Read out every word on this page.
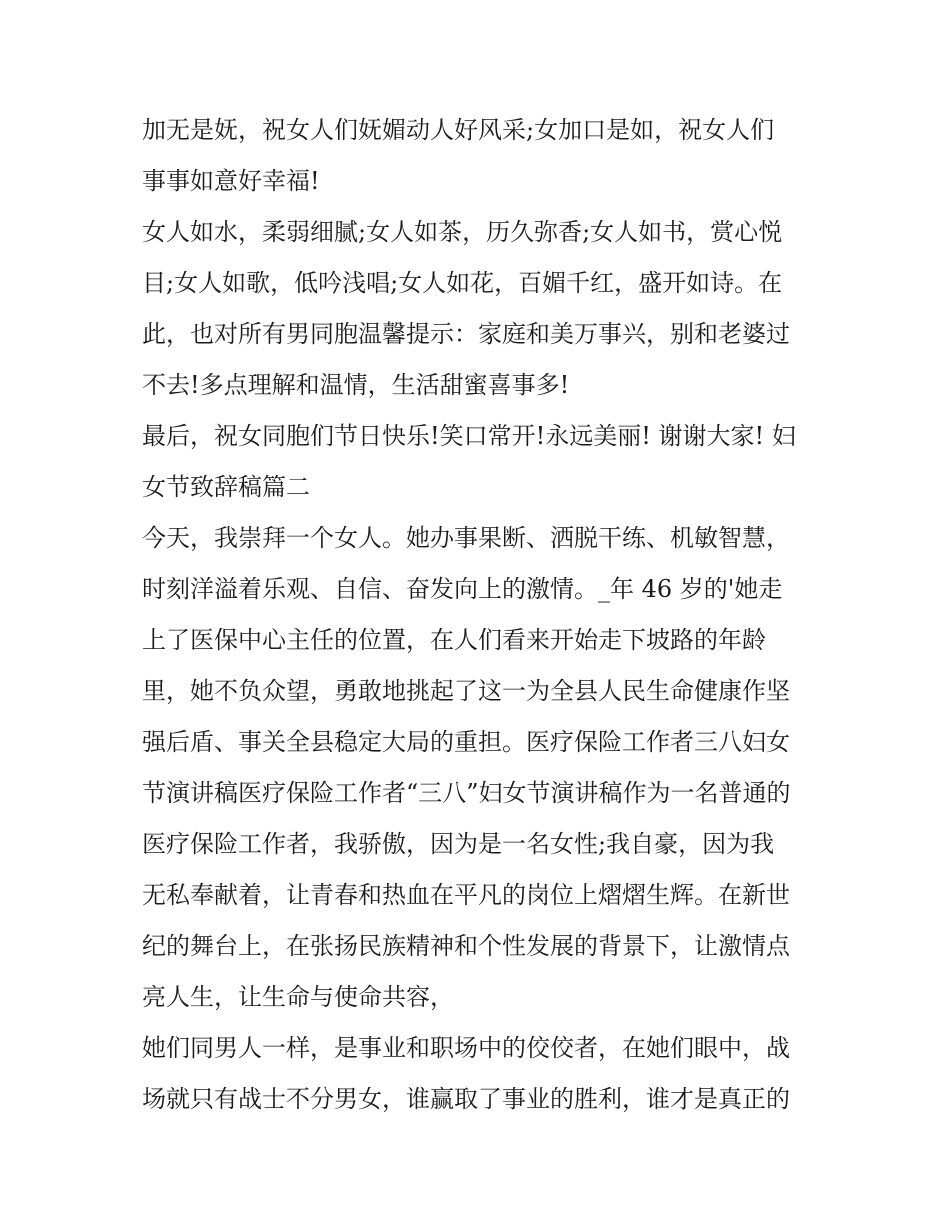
加无是妩，祝女人们妩媚动人好风采;女加口是如，祝女人们
事事如意好幸福!
女人如水，柔弱细腻;女人如茶，历久弥香;女人如书，赏心悦
目;女人如歌，低吟浅唱;女人如花，百媚千红，盛开如诗。在
此，也对所有男同胞温馨提示：家庭和美万事兴，别和老婆过
不去!多点理解和温情，生活甜蜜喜事多!
最后，祝女同胞们节日快乐!笑口常开!永远美丽! 谢谢大家! 妇
女节致辞稿篇二
今天，我崇拜一个女人。她办事果断、洒脱干练、机敏智慧，
时刻洋溢着乐观、自信、奋发向上的激情。_年 46 岁的'她走
上了医保中心主任的位置，在人们看来开始走下坡路的年龄
里，她不负众望，勇敢地挑起了这一为全县人民生命健康作坚
强后盾、事关全县稳定大局的重担。医疗保险工作者三八妇女
节演讲稿医疗保险工作者“三八”妇女节演讲稿作为一名普通的
医疗保险工作者，我骄傲，因为是一名女性;我自豪，因为我
无私奉献着，让青春和热血在平凡的岗位上熠熠生辉。在新世
纪的舞台上，在张扬民族精神和个性发展的背景下，让激情点
亮人生，让生命与使命共容，
她们同男人一样，是事业和职场中的佼佼者，在她们眼中，战
场就只有战士不分男女，谁赢取了事业的胜利，谁才是真正的
